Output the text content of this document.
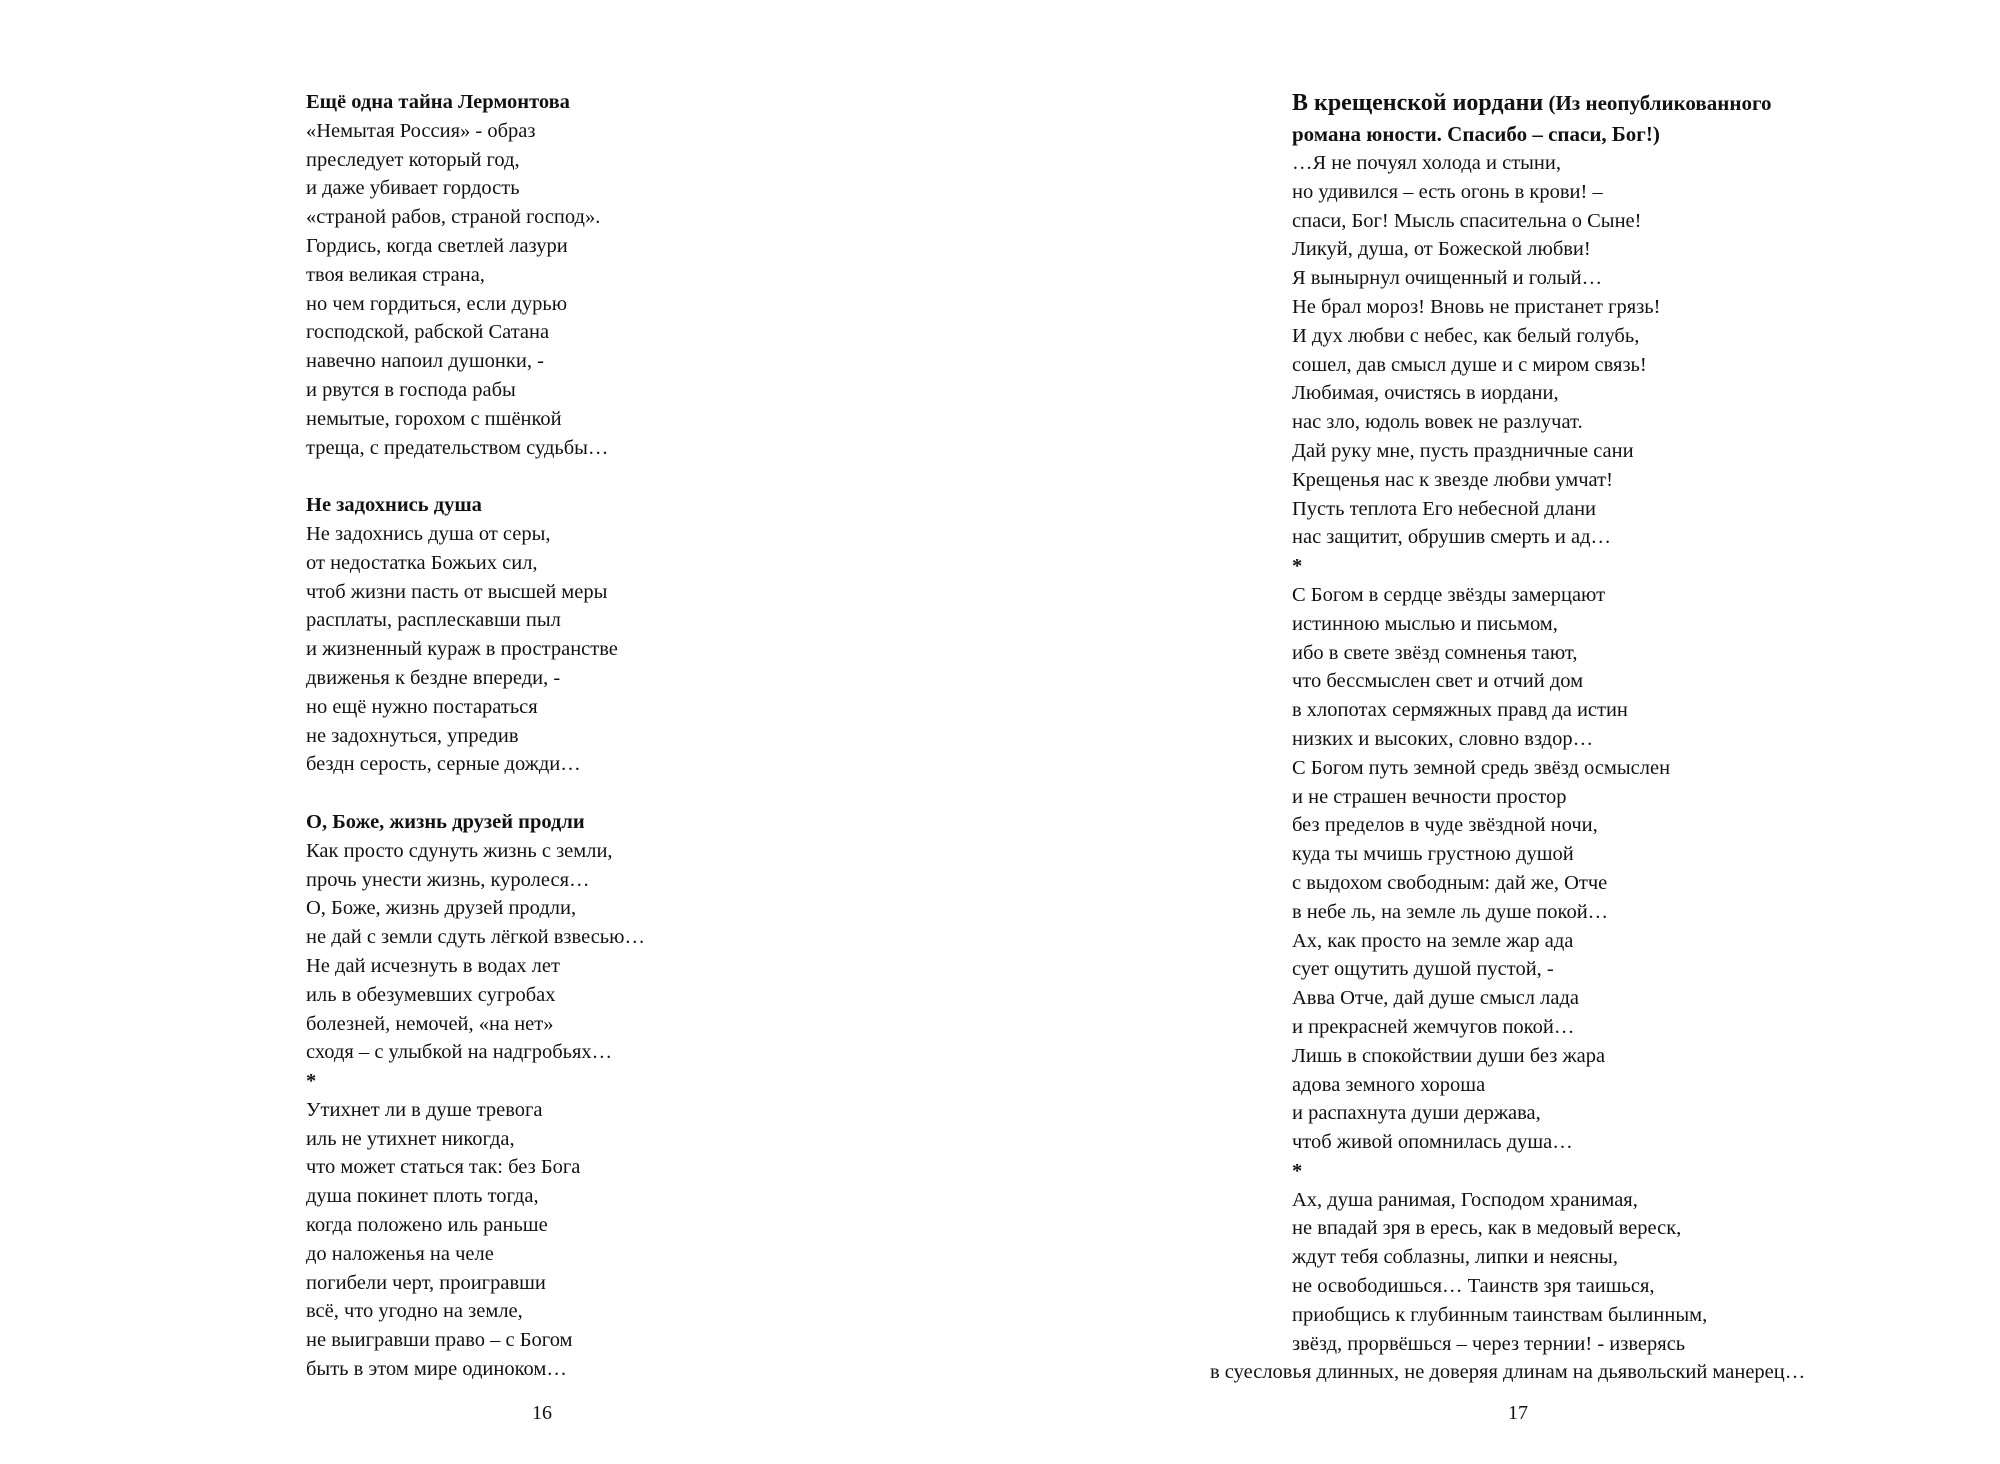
Ещё одна тайна Лермонтова
«Немытая Россия» - образ
преследует который год,
и даже убивает гордость
«страной рабов, страной господ».
Гордись, когда светлей лазури
твоя великая страна,
но чем гордиться, если дурью
господской, рабской Сатана
навечно напоил душонки, -
и рвутся в господа рабы
немытые, горохом с пшёнкой
треща, с предательством судьбы…
Не задохнись душа
Не задохнись душа от серы,
от недостатка Божьих сил,
чтоб жизни пасть от высшей меры
расплаты, расплескавши пыл
и жизненный кураж в пространстве
движенья к бездне впереди, -
но ещё нужно постараться
не задохнуться, упредив
бездн серость, серные дожди…
О, Боже, жизнь друзей продли
Как просто сдунуть жизнь с земли,
прочь унести жизнь, куролеся…
О, Боже, жизнь друзей продли,
не дай с земли сдуть лёгкой взвесью…
Не дай исчезнуть в водах лет
иль в обезумевших сугробах
болезней, немочей, «на нет»
сходя – с улыбкой на надгробьях…
*
Утихнет ли в душе тревога
иль не утихнет никогда,
что может статься так: без Бога
душа покинет плоть тогда,
когда положено иль раньше
до наложенья на челе
погибели черт, проигравши
всё, что угодно на земле,
не выигравши право – с Богом
быть в этом мире одиноком…
16
В крещенской иордани (Из неопубликованного
романа юности. Спасибо – спаси, Бог!)
…Я не почуял холода и стыни,
но удивился – есть огонь в крови! –
спаси, Бог! Мысль спасительна о Сыне!
Ликуй, душа, от Божеской любви!
Я вынырнул очищенный и голый…
Не брал мороз! Вновь не пристанет грязь!
И дух любви с небес, как белый голубь,
сошел, дав смысл душе и с миром связь!
Любимая, очистясь в иордани,
нас зло, юдоль вовек не разлучат.
Дай руку мне, пусть праздничные сани
Крещенья нас к звезде любви умчат!
Пусть теплота Его небесной длани
нас защитит, обрушив смерть и ад…
*
С Богом в сердце звёзды замерцают
истинною мыслью и письмом,
ибо в свете звёзд сомненья тают,
что бессмыслен свет и отчий дом
в хлопотах сермяжных правд да истин
низких и высоких, словно вздор…
С Богом путь земной средь звёзд осмыслен
и не страшен вечности простор
без пределов в чуде звёздной ночи,
куда ты мчишь грустною душой
с выдохом свободным: дай же, Отче
в небе ль, на земле ль душе покой…
Ах, как просто на земле жар ада
сует ощутить душой пустой, -
Авва Отче, дай душе смысл лада
и прекрасней жемчугов покой…
Лишь в спокойствии души без жара
адова земного хороша
и распахнута души держава,
чтоб живой опомнилась душа…
*
Ах, душа ранимая, Господом хранимая,
не впадай зря в ересь, как в медовый вереск,
ждут тебя соблазны, липки и неясны,
не освободишься… Таинств зря таишься,
приобщись к глубинным таинствам былинным,
звёзд, прорвёшься – через тернии! - изверясь
в суесловья длинных, не доверяя длинам на дьявольский манерец…
17
